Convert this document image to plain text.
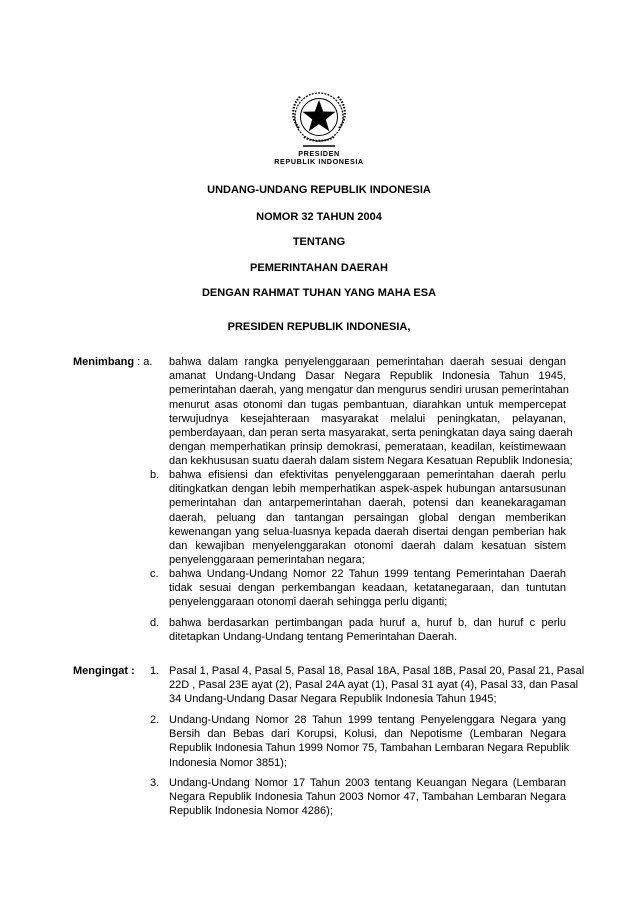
PRESIDEN
REPUBLIK INDONESIA
UNDANG-UNDANG REPUBLIK INDONESIA
NOMOR 32 TAHUN 2004
TENTANG
PEMERINTAHAN DAERAH
DENGAN RAHMAT TUHAN YANG MAHA ESA
PRESIDEN REPUBLIK INDONESIA,
Menimbang : a. bahwa dalam rangka penyelenggaraan pemerintahan daerah sesuai dengan
amanat Undang-Undang Dasar Negara Republik Indonesia Tahun 1945,
pemerintahan daerah, yang mengatur dan mengurus sendiri urusan pemerintahan
menurut asas otonomi dan tugas pembantuan, diarahkan untuk mempercepat
terwujudnya kesejahteraan masyarakat melalui peningkatan, pelayanan,
pemberdayaan, dan peran serta masyarakat, serta peningkatan daya saing daerah
dengan memperhatikan prinsip demokrasi, pemerataan, keadilan, keistimewaan
dan kekhususan suatu daerah dalam sistem Negara Kesatuan Republik Indonesia;
b. bahwa efisiensi dan efektivitas penyelenggaraan pemerintahan daerah perlu
ditingkatkan dengan lebih memperhatikan aspek-aspek hubungan antarsusunan
pemerintahan dan antarpemerintahan daerah, potensi dan keanekaragaman
daerah, peluang dan tantangan persaingan global dengan memberikan
kewenangan yang selua-luasnya kepada daerah disertai dengan pemberian hak
dan kewajiban menyelenggarakan otonomi daerah dalam kesatuan sistem
penyelenggaraan pemerintahan negara;
c. bahwa Undang-Undang Nomor 22 Tahun 1999 tentang Pemerintahan Daerah
tidak sesuai dengan perkembangan keadaan, ketatanegaraan, dan tuntutan
penyelenggaraan otonomi daerah sehingga perlu diganti;
d. bahwa berdasarkan pertimbangan pada huruf a, huruf b, dan huruf c perlu
ditetapkan Undang-Undang tentang Pemerintahan Daerah.
Mengingat : 1. Pasal 1, Pasal 4, Pasal 5, Pasal 18, Pasal 18A, Pasal 18B, Pasal 20, Pasal 21, Pasal
22D , Pasal 23E ayat (2), Pasal 24A ayat (1), Pasal 31 ayat (4), Pasal 33, dan Pasal
34 Undang-Undang Dasar Negara Republik Indonesia Tahun 1945;
2. Undang-Undang Nomor 28 Tahun 1999 tentang Penyelenggara Negara yang
Bersih dan Bebas dari Korupsi, Kolusi, dan Nepotisme (Lembaran Negara
Republik Indonesia Tahun 1999 Nomor 75, Tambahan Lembaran Negara Republik
Indonesia Nomor 3851);
3. Undang-Undang Nomor 17 Tahun 2003 tentang Keuangan Negara (Lembaran
Negara Republik Indonesia Tahun 2003 Nomor 47, Tambahan Lembaran Negara
Republik Indonesia Nomor 4286);
